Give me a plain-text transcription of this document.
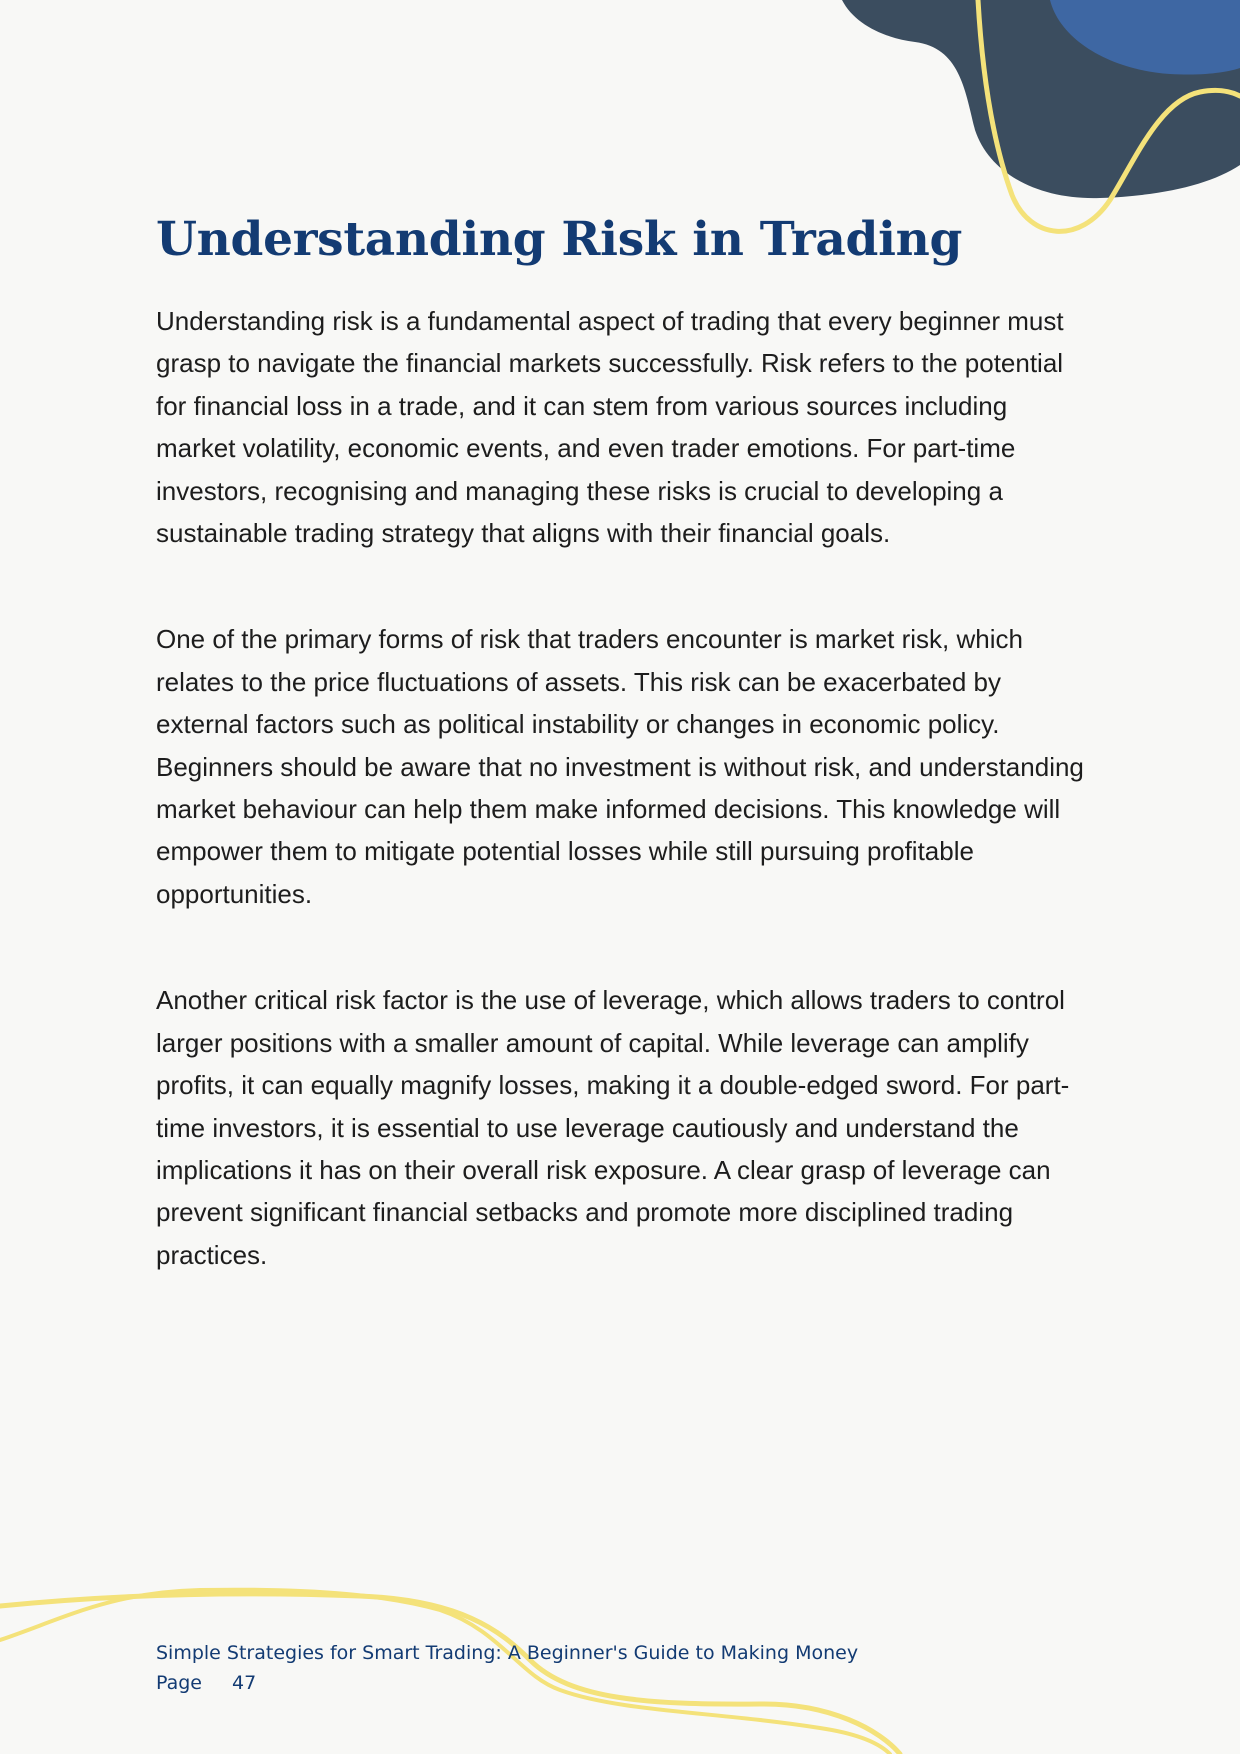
Understanding Risk in Trading

Understanding risk is a fundamental aspect of trading that every beginner must grasp to navigate the financial markets successfully. Risk refers to the potential for financial loss in a trade, and it can stem from various sources including market volatility, economic events, and even trader emotions. For part-time investors, recognising and managing these risks is crucial to developing a sustainable trading strategy that aligns with their financial goals.

One of the primary forms of risk that traders encounter is market risk, which relates to the price fluctuations of assets. This risk can be exacerbated by external factors such as political instability or changes in economic policy. Beginners should be aware that no investment is without risk, and understanding market behaviour can help them make informed decisions. This knowledge will empower them to mitigate potential losses while still pursuing profitable opportunities.

Another critical risk factor is the use of leverage, which allows traders to control larger positions with a smaller amount of capital. While leverage can amplify profits, it can equally magnify losses, making it a double-edged sword. For part-time investors, it is essential to use leverage cautiously and understand the implications it has on their overall risk exposure. A clear grasp of leverage can prevent significant financial setbacks and promote more disciplined trading practices.

Simple Strategies for Smart Trading: A Beginner's Guide to Making Money
Page	47
